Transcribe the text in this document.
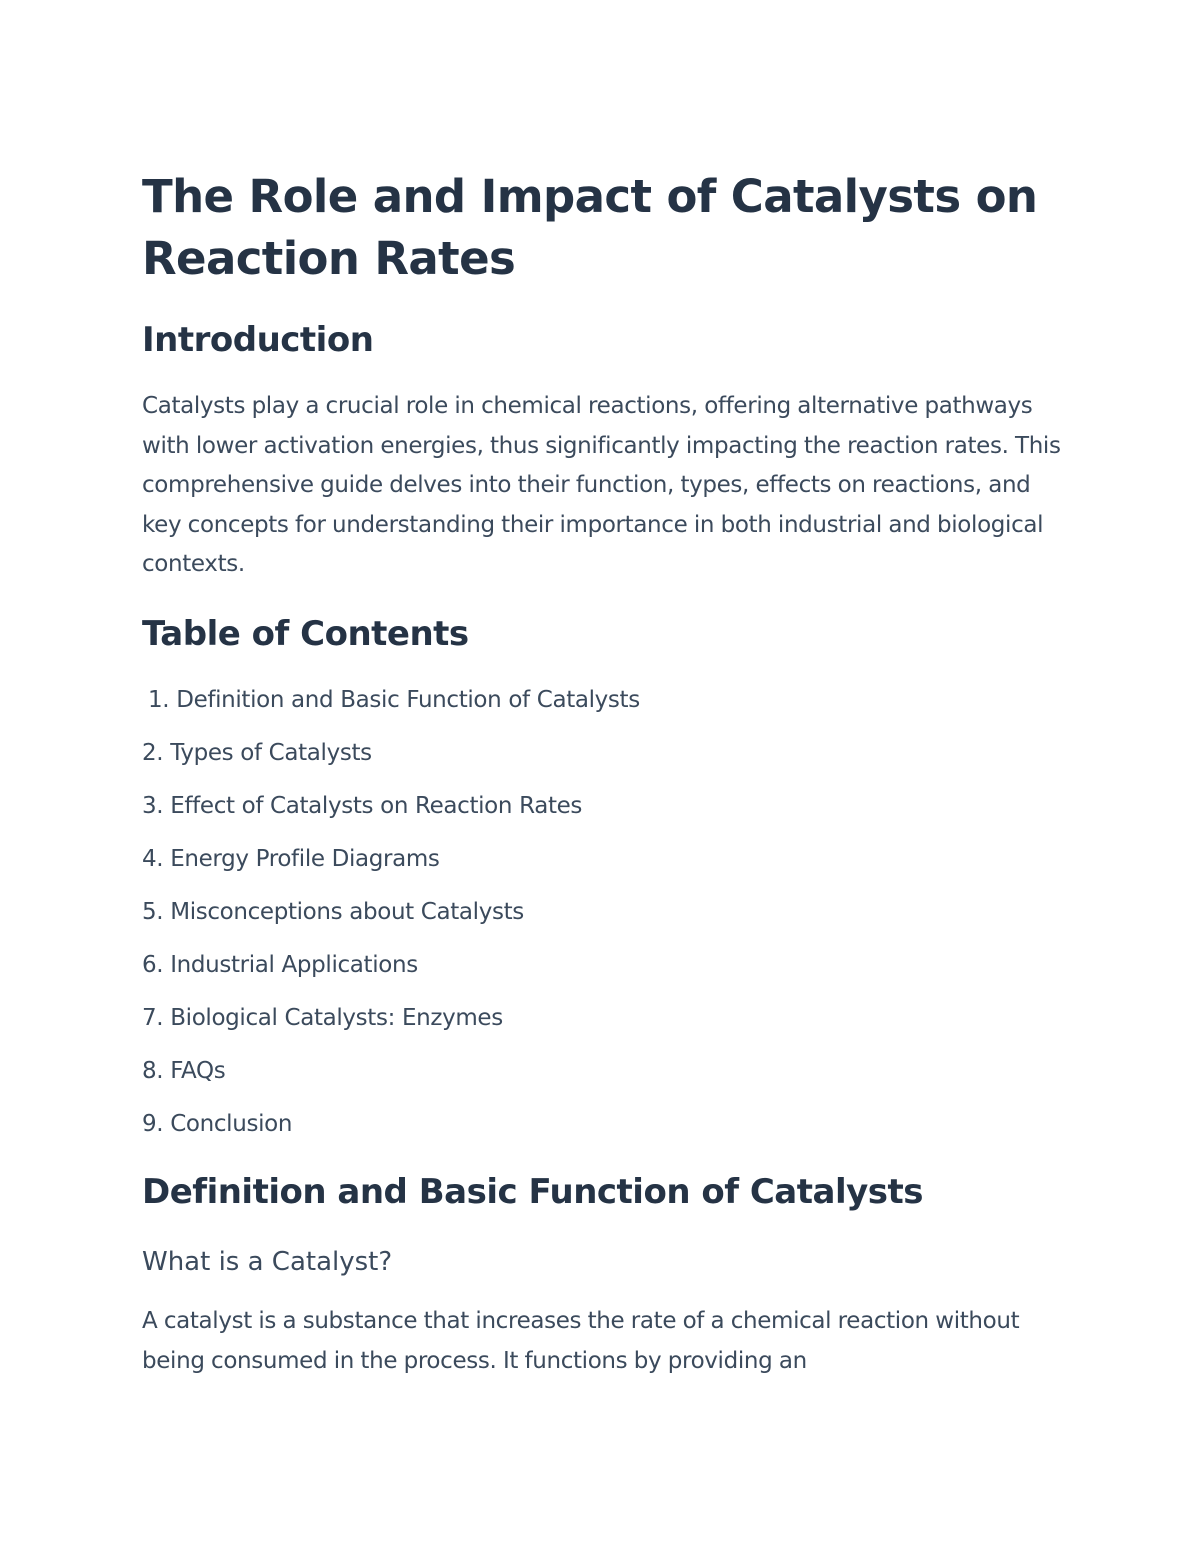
The Role and Impact of Catalysts on Reaction Rates
Introduction

Catalysts play a crucial role in chemical reactions, offering alternative pathways with lower activation energies, thus significantly impacting the reaction rates. This comprehensive guide delves into their function, types, effects on reactions, and key concepts for understanding their importance in both industrial and biological contexts.

Table of Contents
1. Definition and Basic Function of Catalysts
2. Types of Catalysts
3. Effect of Catalysts on Reaction Rates
4. Energy Profile Diagrams
5. Misconceptions about Catalysts
6. Industrial Applications
7. Biological Catalysts: Enzymes
8. FAQs
9. Conclusion
Definition and Basic Function of Catalysts
What is a Catalyst?

A catalyst is a substance that increases the rate of a chemical reaction without being consumed in the process. It functions by providing an
